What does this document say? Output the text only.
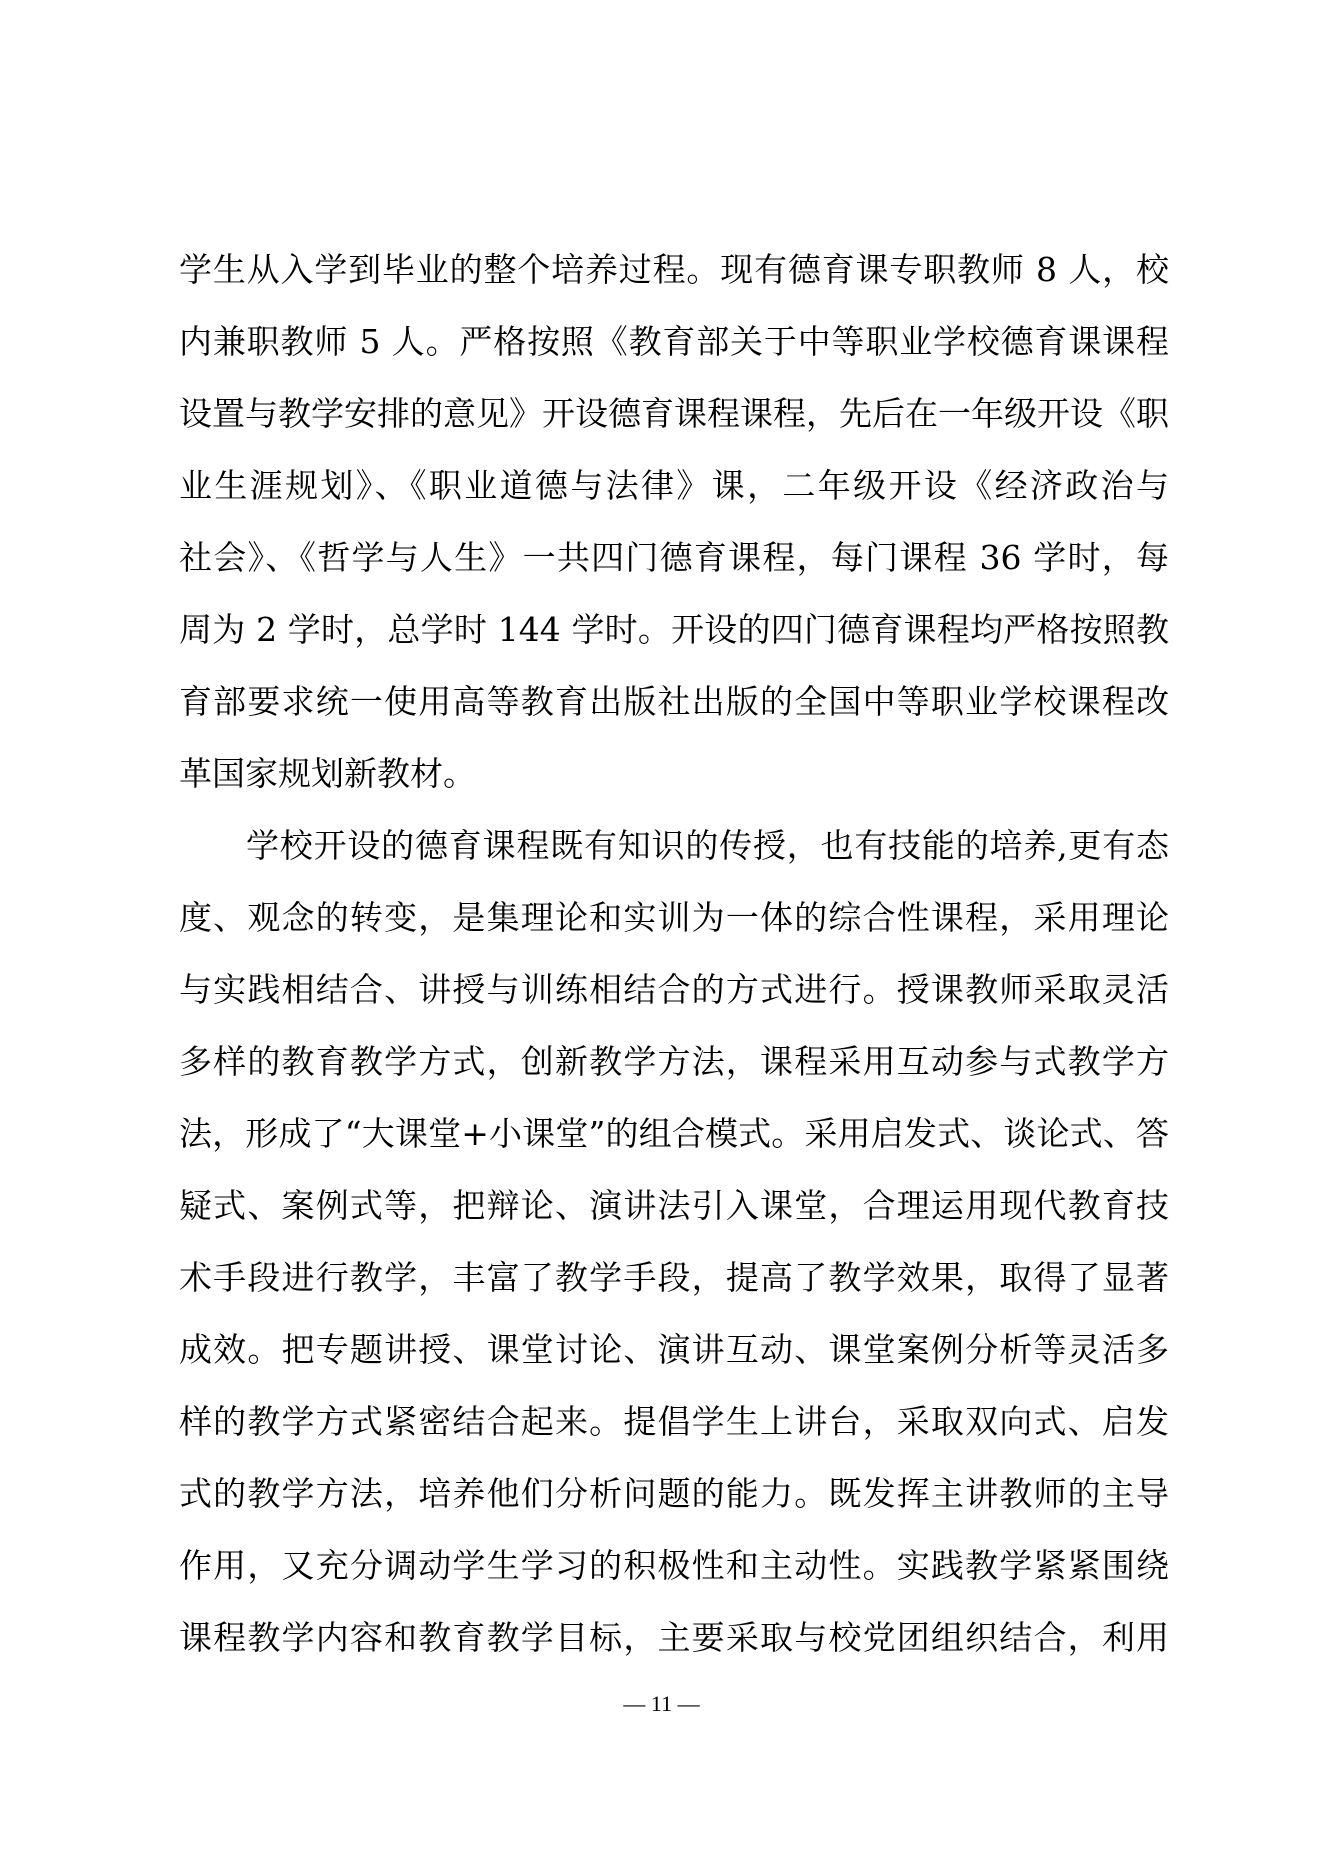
学生从入学到毕业的整个培养过程。现有德育课专职教师 8 人，校
内兼职教师 5 人。严格按照《教育部关于中等职业学校德育课课程
设置与教学安排的意见》开设德育课程课程，先后在一年级开设《职
业生涯规划》、《职业道德与法律》课，二年级开设《经济政治与
社会》、《哲学与人生》一共四门德育课程，每门课程 36 学时，每
周为 2 学时，总学时 144 学时。开设的四门德育课程均严格按照教
育部要求统一使用高等教育出版社出版的全国中等职业学校课程改
革国家规划新教材。
学校开设的德育课程既有知识的传授，也有技能的培养,更有态
度、观念的转变，是集理论和实训为一体的综合性课程，采用理论
与实践相结合、讲授与训练相结合的方式进行。授课教师采取灵活
多样的教育教学方式，创新教学方法，课程采用互动参与式教学方
法，形成了“大课堂+小课堂”的组合模式。采用启发式、谈论式、答
疑式、案例式等，把辩论、演讲法引入课堂，合理运用现代教育技
术手段进行教学，丰富了教学手段，提高了教学效果，取得了显著
成效。把专题讲授、课堂讨论、演讲互动、课堂案例分析等灵活多
样的教学方式紧密结合起来。提倡学生上讲台，采取双向式、启发
式的教学方法，培养他们分析问题的能力。既发挥主讲教师的主导
作用，又充分调动学生学习的积极性和主动性。实践教学紧紧围绕
课程教学内容和教育教学目标，主要采取与校党团组织结合，利用
— 11 —
